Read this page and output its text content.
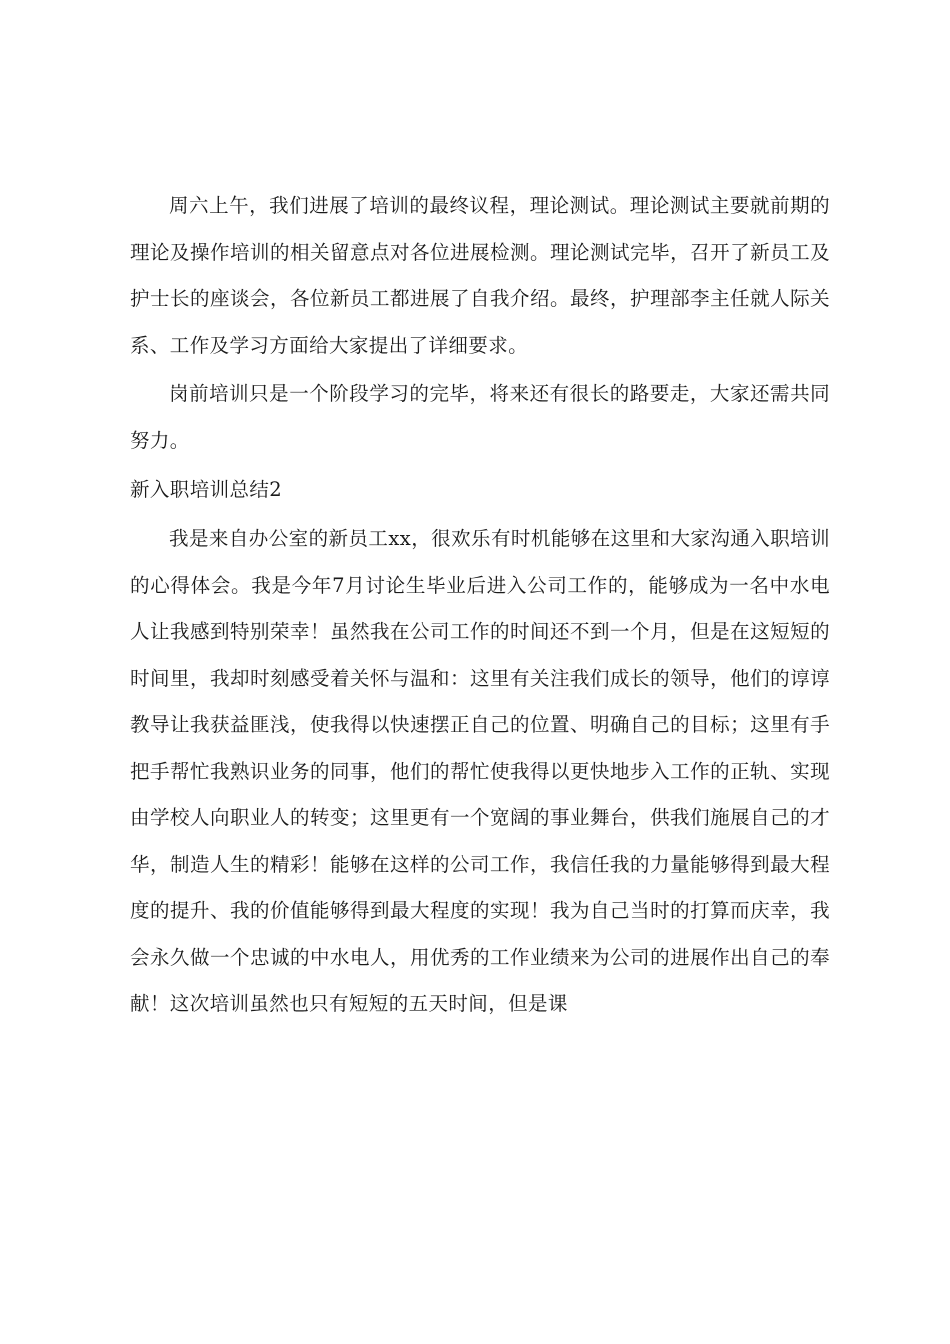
周六上午，我们进展了培训的最终议程，理论测试。理论测试主要就前期的理论及操作培训的相关留意点对各位进展检测。理论测试完毕，召开了新员工及护士长的座谈会，各位新员工都进展了自我介绍。最终，护理部李主任就人际关系、工作及学习方面给大家提出了详细要求。

岗前培训只是一个阶段学习的完毕，将来还有很长的路要走，大家还需共同努力。

新入职培训总结2

我是来自办公室的新员工xx，很欢乐有时机能够在这里和大家沟通入职培训的心得体会。我是今年7月讨论生毕业后进入公司工作的，能够成为一名中水电人让我感到特别荣幸！虽然我在公司工作的时间还不到一个月，但是在这短短的时间里，我却时刻感受着关怀与温和：这里有关注我们成长的领导，他们的谆谆教导让我获益匪浅，使我得以快速摆正自己的位置、明确自己的目标；这里有手把手帮忙我熟识业务的同事，他们的帮忙使我得以更快地步入工作的正轨、实现由学校人向职业人的转变；这里更有一个宽阔的事业舞台，供我们施展自己的才华，制造人生的精彩！能够在这样的公司工作，我信任我的力量能够得到最大程度的提升、我的价值能够得到最大程度的实现！我为自己当时的打算而庆幸，我会永久做一个忠诚的中水电人，用优秀的工作业绩来为公司的进展作出自己的奉献！这次培训虽然也只有短短的五天时间，但是课
